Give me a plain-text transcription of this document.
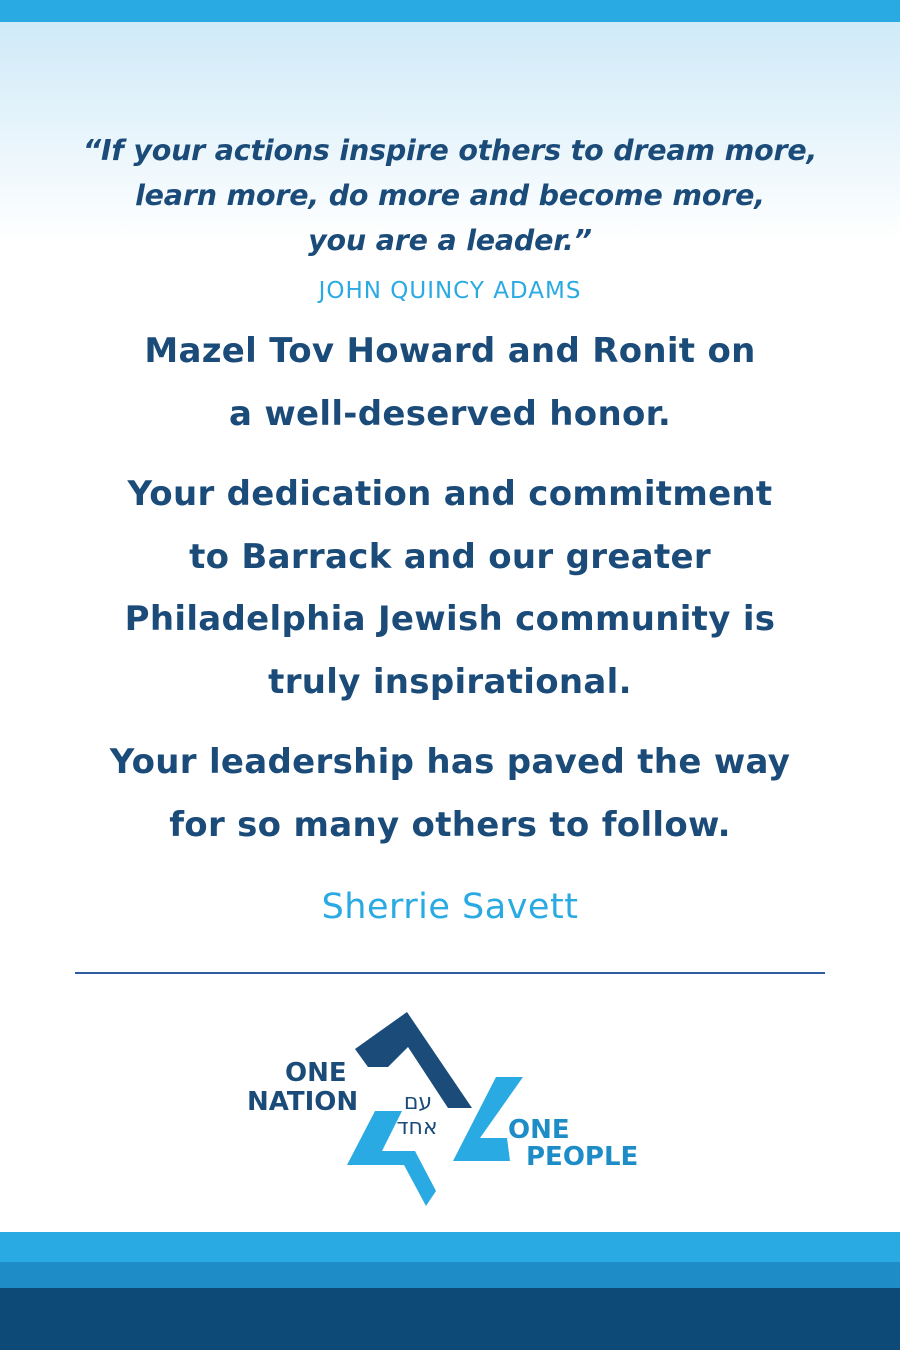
“If your actions inspire others to dream more,
learn more, do more and become more,
you are a leader.”
JOHN QUINCY ADAMS
Mazel Tov Howard and Ronit on
a well-deserved honor.
Your dedication and commitment
to Barrack and our greater
Philadelphia Jewish community is
truly inspirational.
Your leadership has paved the way
for so many others to follow.
Sherrie Savett
ONE
NATION עם
אחד	ONE
PEOPLE
